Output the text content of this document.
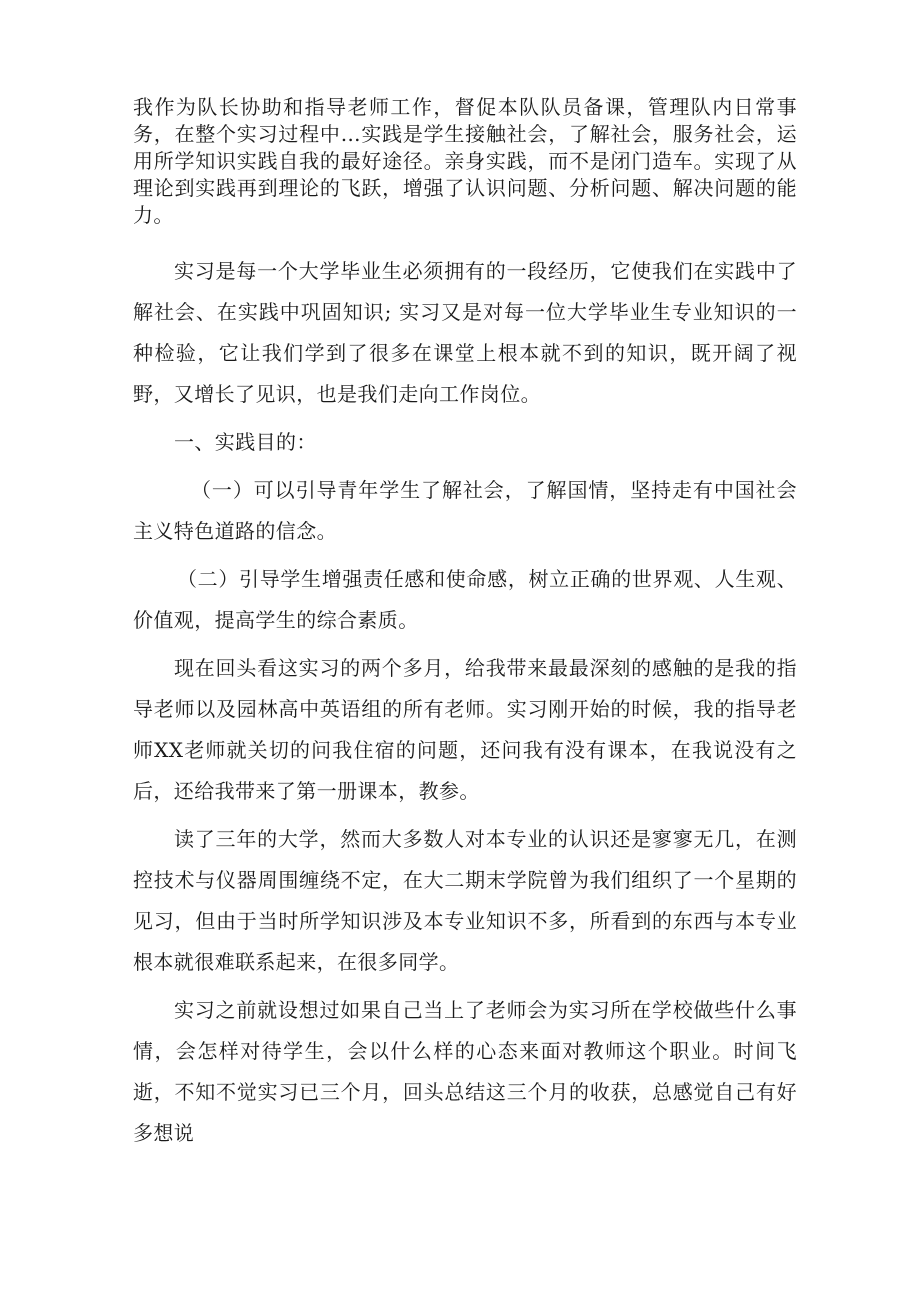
我作为队长协助和指导老师工作，督促本队队员备课，管理队内日常事务，在整个实习过程中…实践是学生接触社会，了解社会，服务社会，运用所学知识实践自我的最好途径。亲身实践，而不是闭门造车。实现了从理论到实践再到理论的飞跃，增强了认识问题、分析问题、解决问题的能力。

实习是每一个大学毕业生必须拥有的一段经历，它使我们在实践中了解社会、在实践中巩固知识; 实习又是对每一位大学毕业生专业知识的一种检验，它让我们学到了很多在课堂上根本就不到的知识，既开阔了视野，又增长了见识，也是我们走向工作岗位。

一、实践目的：

（一）可以引导青年学生了解社会，了解国情，坚持走有中国社会主义特色道路的信念。

（二）引导学生增强责任感和使命感，树立正确的世界观、人生观、价值观，提高学生的综合素质。

现在回头看这实习的两个多月，给我带来最最深刻的感触的是我的指导老师以及园林高中英语组的所有老师。实习刚开始的时候，我的指导老师XX老师就关切的问我住宿的问题，还问我有没有课本，在我说没有之后，还给我带来了第一册课本，教参。

读了三年的大学，然而大多数人对本专业的认识还是寥寥无几，在测控技术与仪器周围缠绕不定，在大二期末学院曾为我们组织了一个星期的见习，但由于当时所学知识涉及本专业知识不多，所看到的东西与本专业根本就很难联系起来，在很多同学。

实习之前就设想过如果自己当上了老师会为实习所在学校做些什么事情，会怎样对待学生，会以什么样的心态来面对教师这个职业。时间飞逝，不知不觉实习已三个月，回头总结这三个月的收获，总感觉自己有好多想说
